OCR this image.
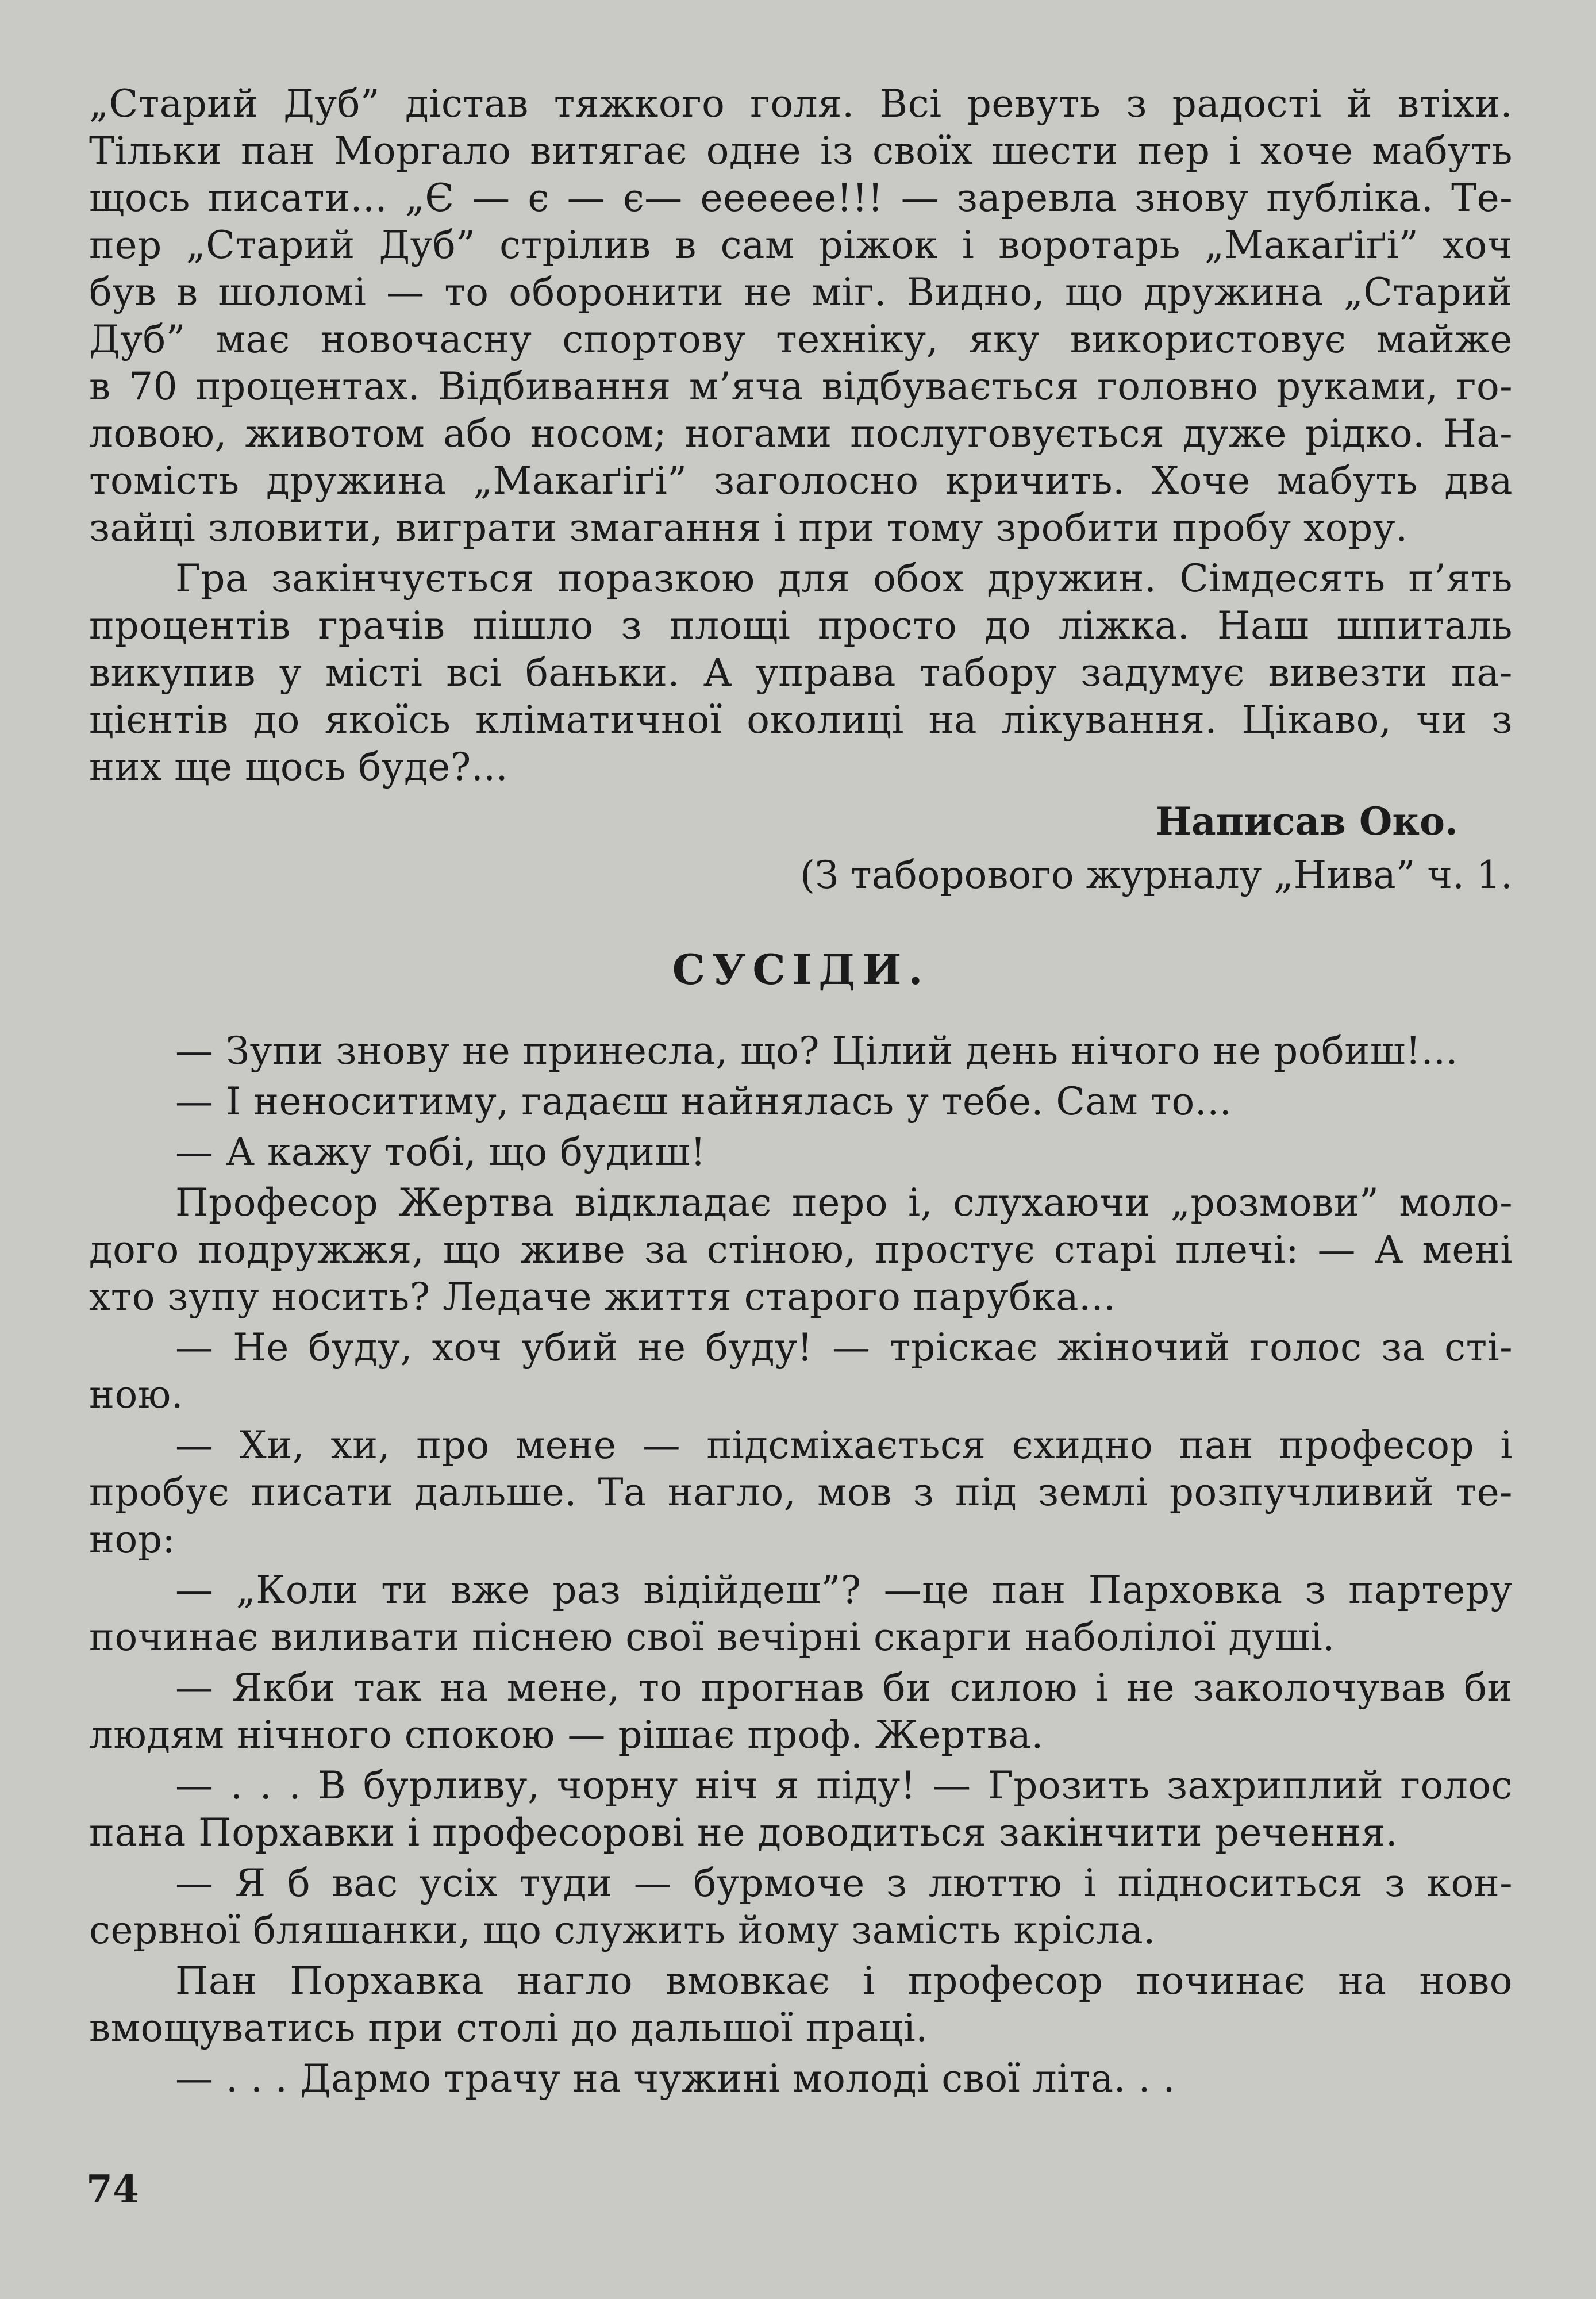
„Старий Дуб” дістав тяжкого голя. Всі ревуть з радості й втіхи.
Тільки пан Моргало витягає одне із своїх шести пер і хоче мабуть
щось писати... „Є — є — є— ееееее!!! — заревла знову публіка. Те-
пер „Старий Дуб” стрілив в сам ріжок і воротарь „Макаґіґі” хоч
був в шоломі — то оборонити не міг. Видно, що дружина „Старий
Дуб” має новочасну спортову техніку, яку використовує майже
в 70 процентах. Відбивання м’яча відбувається головно руками, го-
ловою, животом або носом; ногами послуговується дуже рідко. На-
томість дружина „Макаґіґі” заголосно кричить. Хоче мабуть два
зайці зловити, виграти змагання і при тому зробити пробу хору.
Гра закінчується поразкою для обох дружин. Сімдесять п’ять
процентів грачів пішло з площі просто до ліжка. Наш шпиталь
викупив у місті всі баньки. А управа табору задумує вивезти па-
цієнтів до якоїсь кліматичної околиці на лікування. Цікаво, чи з
них ще щось буде?...
Написав Око.
(З таборового журналу „Нива” ч. 1.
СУСІДИ.
— Зупи знову не принесла, що? Цілий день нічого не робиш!...
— І неноситиму, гадаєш найнялась у тебе. Сам то...
— А кажу тобі, що будиш!
Професор Жертва відкладає перо і, слухаючи „розмови” моло-
дого подружжя, що живе за стіною, простує старі плечі: — А мені
хто зупу носить? Ледаче життя старого парубка...
— Не буду, хоч убий не буду! — тріскає жіночий голос за сті-
ною.
— Хи, хи, про мене — підсміхається єхидно пан професор і
пробує писати дальше. Та нагло, мов з під землі розпучливий те-
нор:
— „Коли ти вже раз відійдеш”? —це пан Пархoвка з партеру
починає виливати піснею свої вечірні скарги наболілої душі.
— Якби так на мене, то прогнав би силою і не заколочував би
людям нічного спокою — рішає проф. Жертва.
— . . . В бурливу, чорну ніч я піду! — Грозить захриплий голос
пана Порхавки і професорові не доводиться закінчити речення.
— Я б вас усіх туди — бурмоче з люттю і підноситься з кон-
сервної бляшанки, що служить йому замість крісла.
Пан Порхавка нагло вмовкає і професор починає на ново
вмощуватись при столі до дальшої праці.
— . . . Дармо трачу на чужині молоді свої літа. . .
74
